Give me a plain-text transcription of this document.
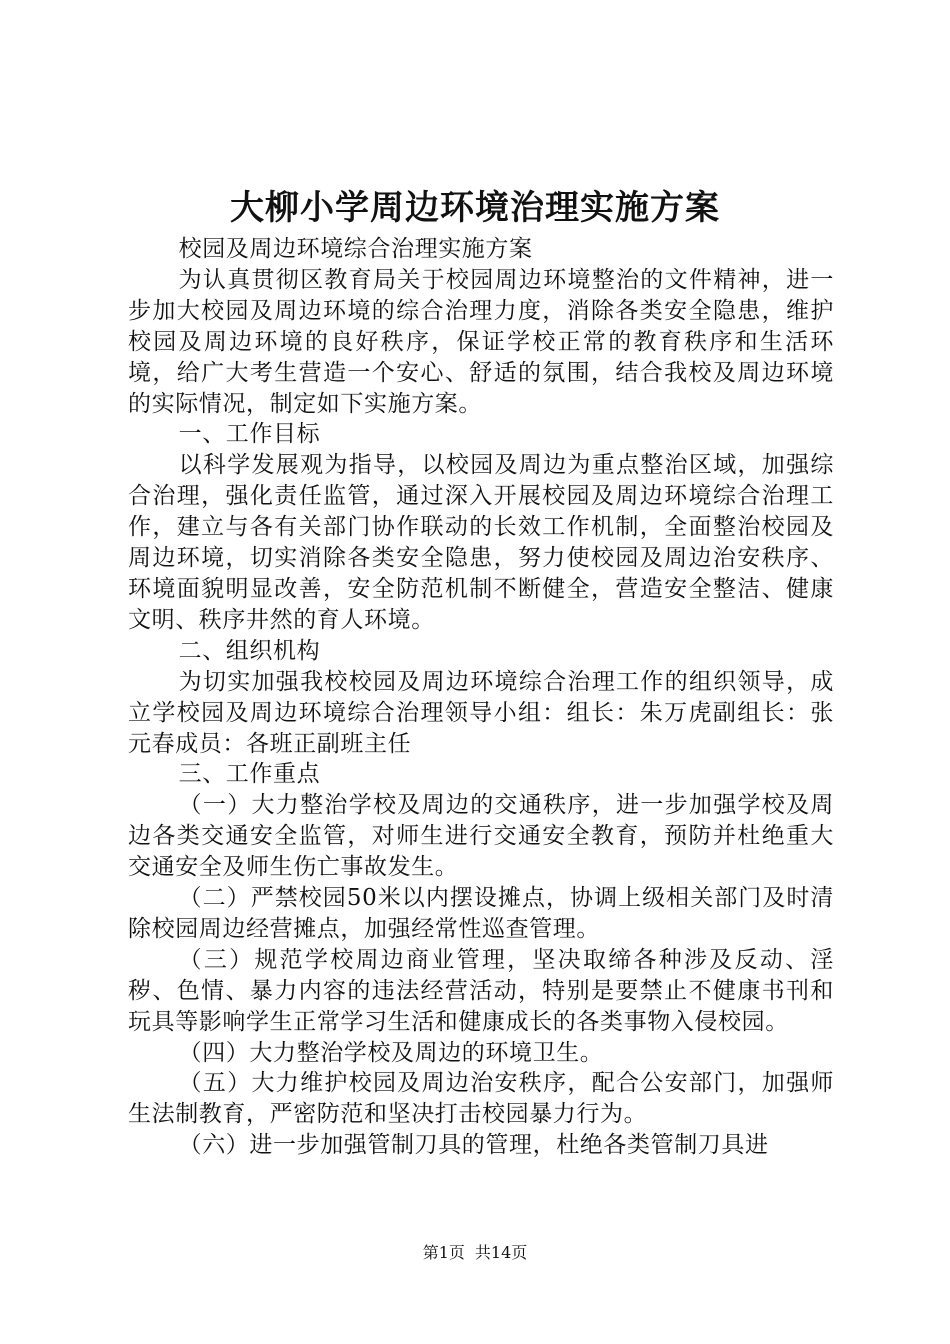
大柳小学周边环境治理实施方案

校园及周边环境综合治理实施方案

为认真贯彻区教育局关于校园周边环境整治的文件精神，进一步加大校园及周边环境的综合治理力度，消除各类安全隐患，维护校园及周边环境的良好秩序，保证学校正常的教育秩序和生活环境，给广大考生营造一个安心、舒适的氛围，结合我校及周边环境的实际情况，制定如下实施方案。

一、工作目标

以科学发展观为指导，以校园及周边为重点整治区域，加强综合治理，强化责任监管，通过深入开展校园及周边环境综合治理工作，建立与各有关部门协作联动的长效工作机制，全面整治校园及周边环境，切实消除各类安全隐患，努力使校园及周边治安秩序、环境面貌明显改善，安全防范机制不断健全，营造安全整洁、健康文明、秩序井然的育人环境。

二、组织机构

为切实加强我校校园及周边环境综合治理工作的组织领导，成立学校园及周边环境综合治理领导小组：组长：朱万虎副组长：张元春成员：各班正副班主任

三、工作重点

（一）大力整治学校及周边的交通秩序，进一步加强学校及周边各类交通安全监管，对师生进行交通安全教育，预防并杜绝重大交通安全及师生伤亡事故发生。

（二）严禁校园50米以内摆设摊点，协调上级相关部门及时清除校园周边经营摊点，加强经常性巡查管理。

（三）规范学校周边商业管理，坚决取缔各种涉及反动、淫秽、色情、暴力内容的违法经营活动，特别是要禁止不健康书刊和玩具等影响学生正常学习生活和健康成长的各类事物入侵校园。

（四）大力整治学校及周边的环境卫生。

（五）大力维护校园及周边治安秩序，配合公安部门，加强师生法制教育，严密防范和坚决打击校园暴力行为。

（六）进一步加强管制刀具的管理，杜绝各类管制刀具进

第1页 共14页
